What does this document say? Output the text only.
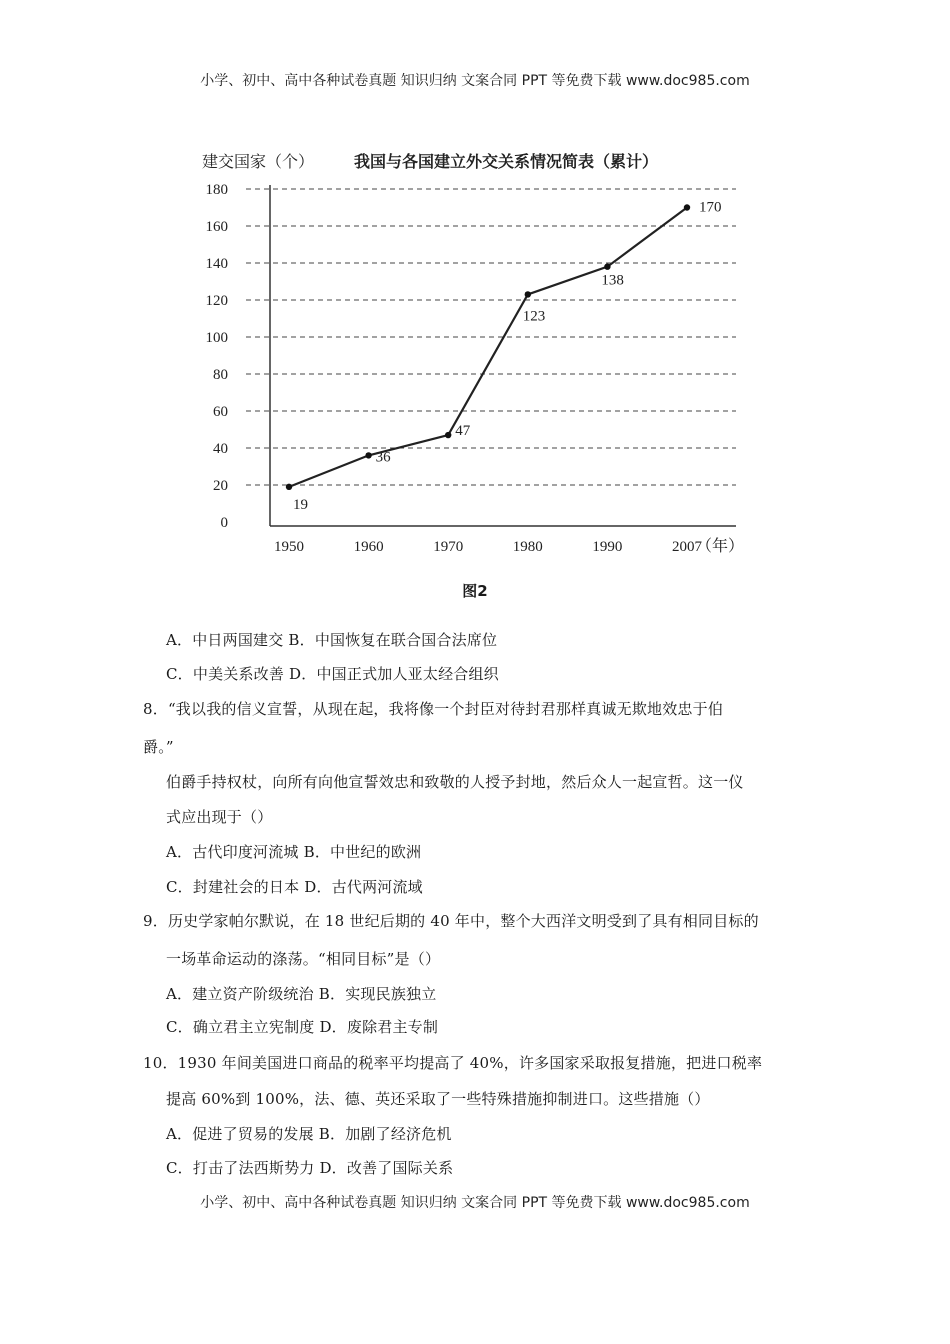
小学、初中、高中各种试卷真题 知识归纳 文案合同 PPT 等免费下载 www.doc985.com
建交国家（个） 我国与各国建立外交关系情况简表（累计）
0
20
40
60
80
100
120
140
160
180
1950	1960	1970	1980	1990	2007
19
36
47
123
138
170
（年）
图2
A．中日两国建交 B．中国恢复在联合国合法席位
C．中美关系改善 D．中国正式加人亚太经合组织
8．“我以我的信义宣誓，从现在起，我将像一个封臣对待封君那样真诚无欺地效忠于伯
爵。”
伯爵手持权杖，向所有向他宣誓效忠和致敬的人授予封地，然后众人一起宣哲。这一仪
式应出现于（）
A．古代印度河流城 B．中世纪的欧洲
C．封建社会的日本 D．古代两河流域
9．历史学家帕尔默说，在 18 世纪后期的 40 年中，整个大西洋文明受到了具有相同目标的
一场革命运动的涤荡。“相同目标”是（）
A．建立资产阶级统治 B．实现民族独立
C．确立君主立宪制度 D．废除君主专制
10．1930 年间美国进口商品的税率平均提高了 40%，许多国家采取报复措施，把进口税率
提高 60%到 100%，法、德、英还采取了一些特殊措施抑制进口。这些措施（）
A．促进了贸易的发展 B．加剧了经济危机
C．打击了法西斯势力 D．改善了国际关系
小学、初中、高中各种试卷真题 知识归纳 文案合同 PPT 等免费下载 www.doc985.com
